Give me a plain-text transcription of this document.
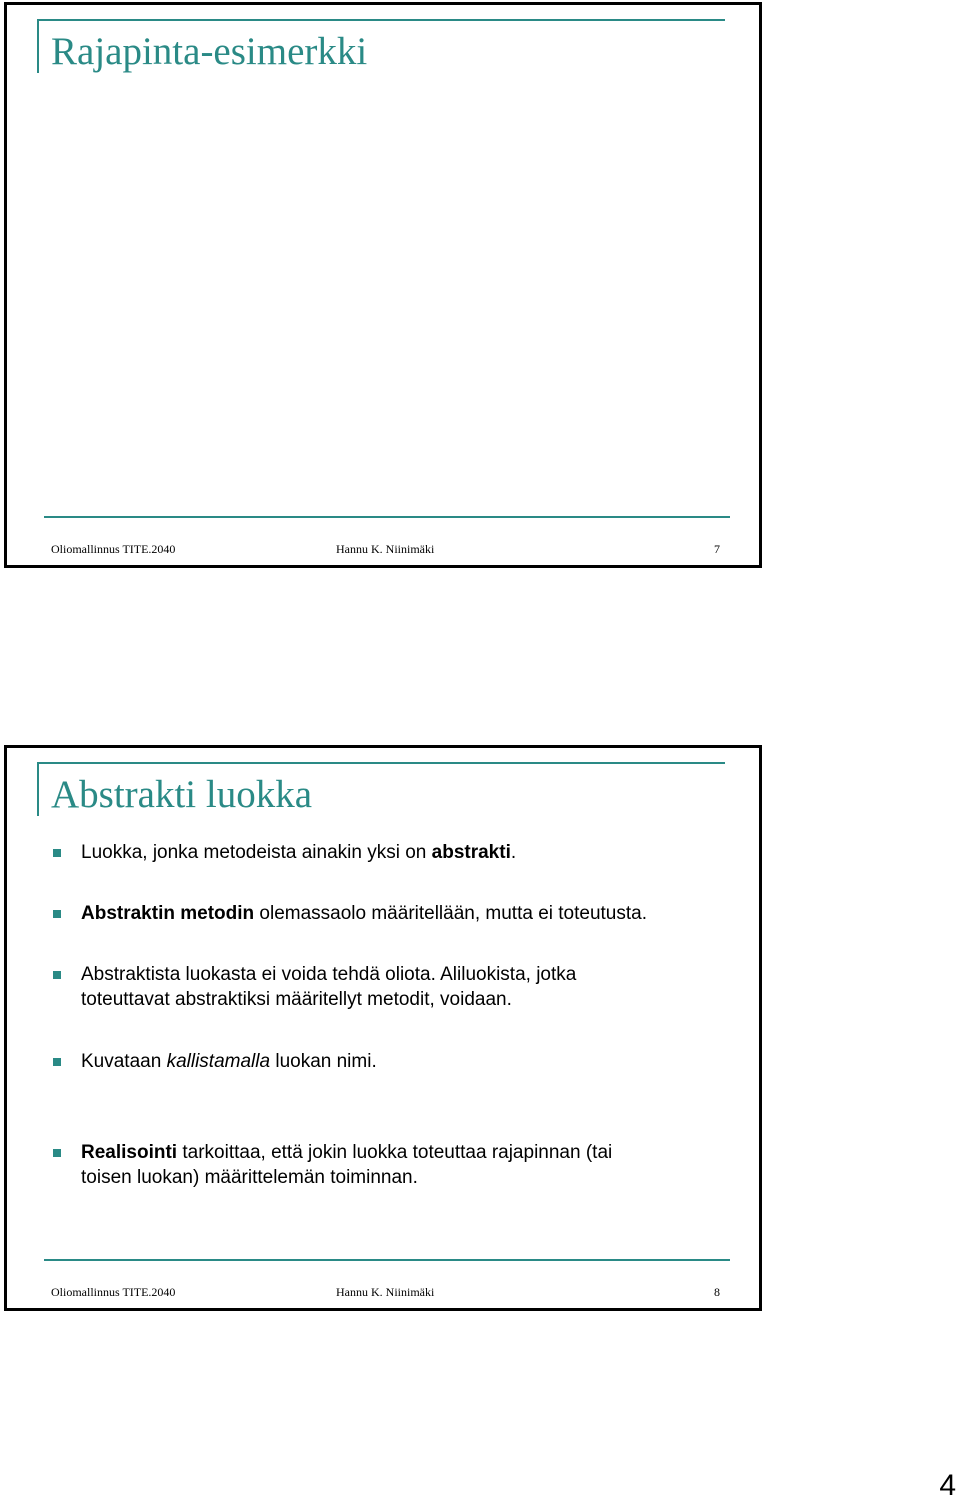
Rajapinta-esimerkki
Oliomallinnus TITE.2040	Hannu K. Niinimäki	7
Abstrakti luokka
Luokka, jonka metodeista ainakin yksi on abstrakti.
Abstraktin metodin olemassaolo määritellään, mutta ei toteutusta.
Abstraktista luokasta ei voida tehdä oliota. Aliluokista, jotka
toteuttavat abstraktiksi määritellyt metodit, voidaan.
Kuvataan kallistamalla luokan nimi.
Realisointi tarkoittaa, että jokin luokka toteuttaa rajapinnan (tai
toisen luokan) määrittelemän toiminnan.
Oliomallinnus TITE.2040	Hannu K. Niinimäki	8
4
